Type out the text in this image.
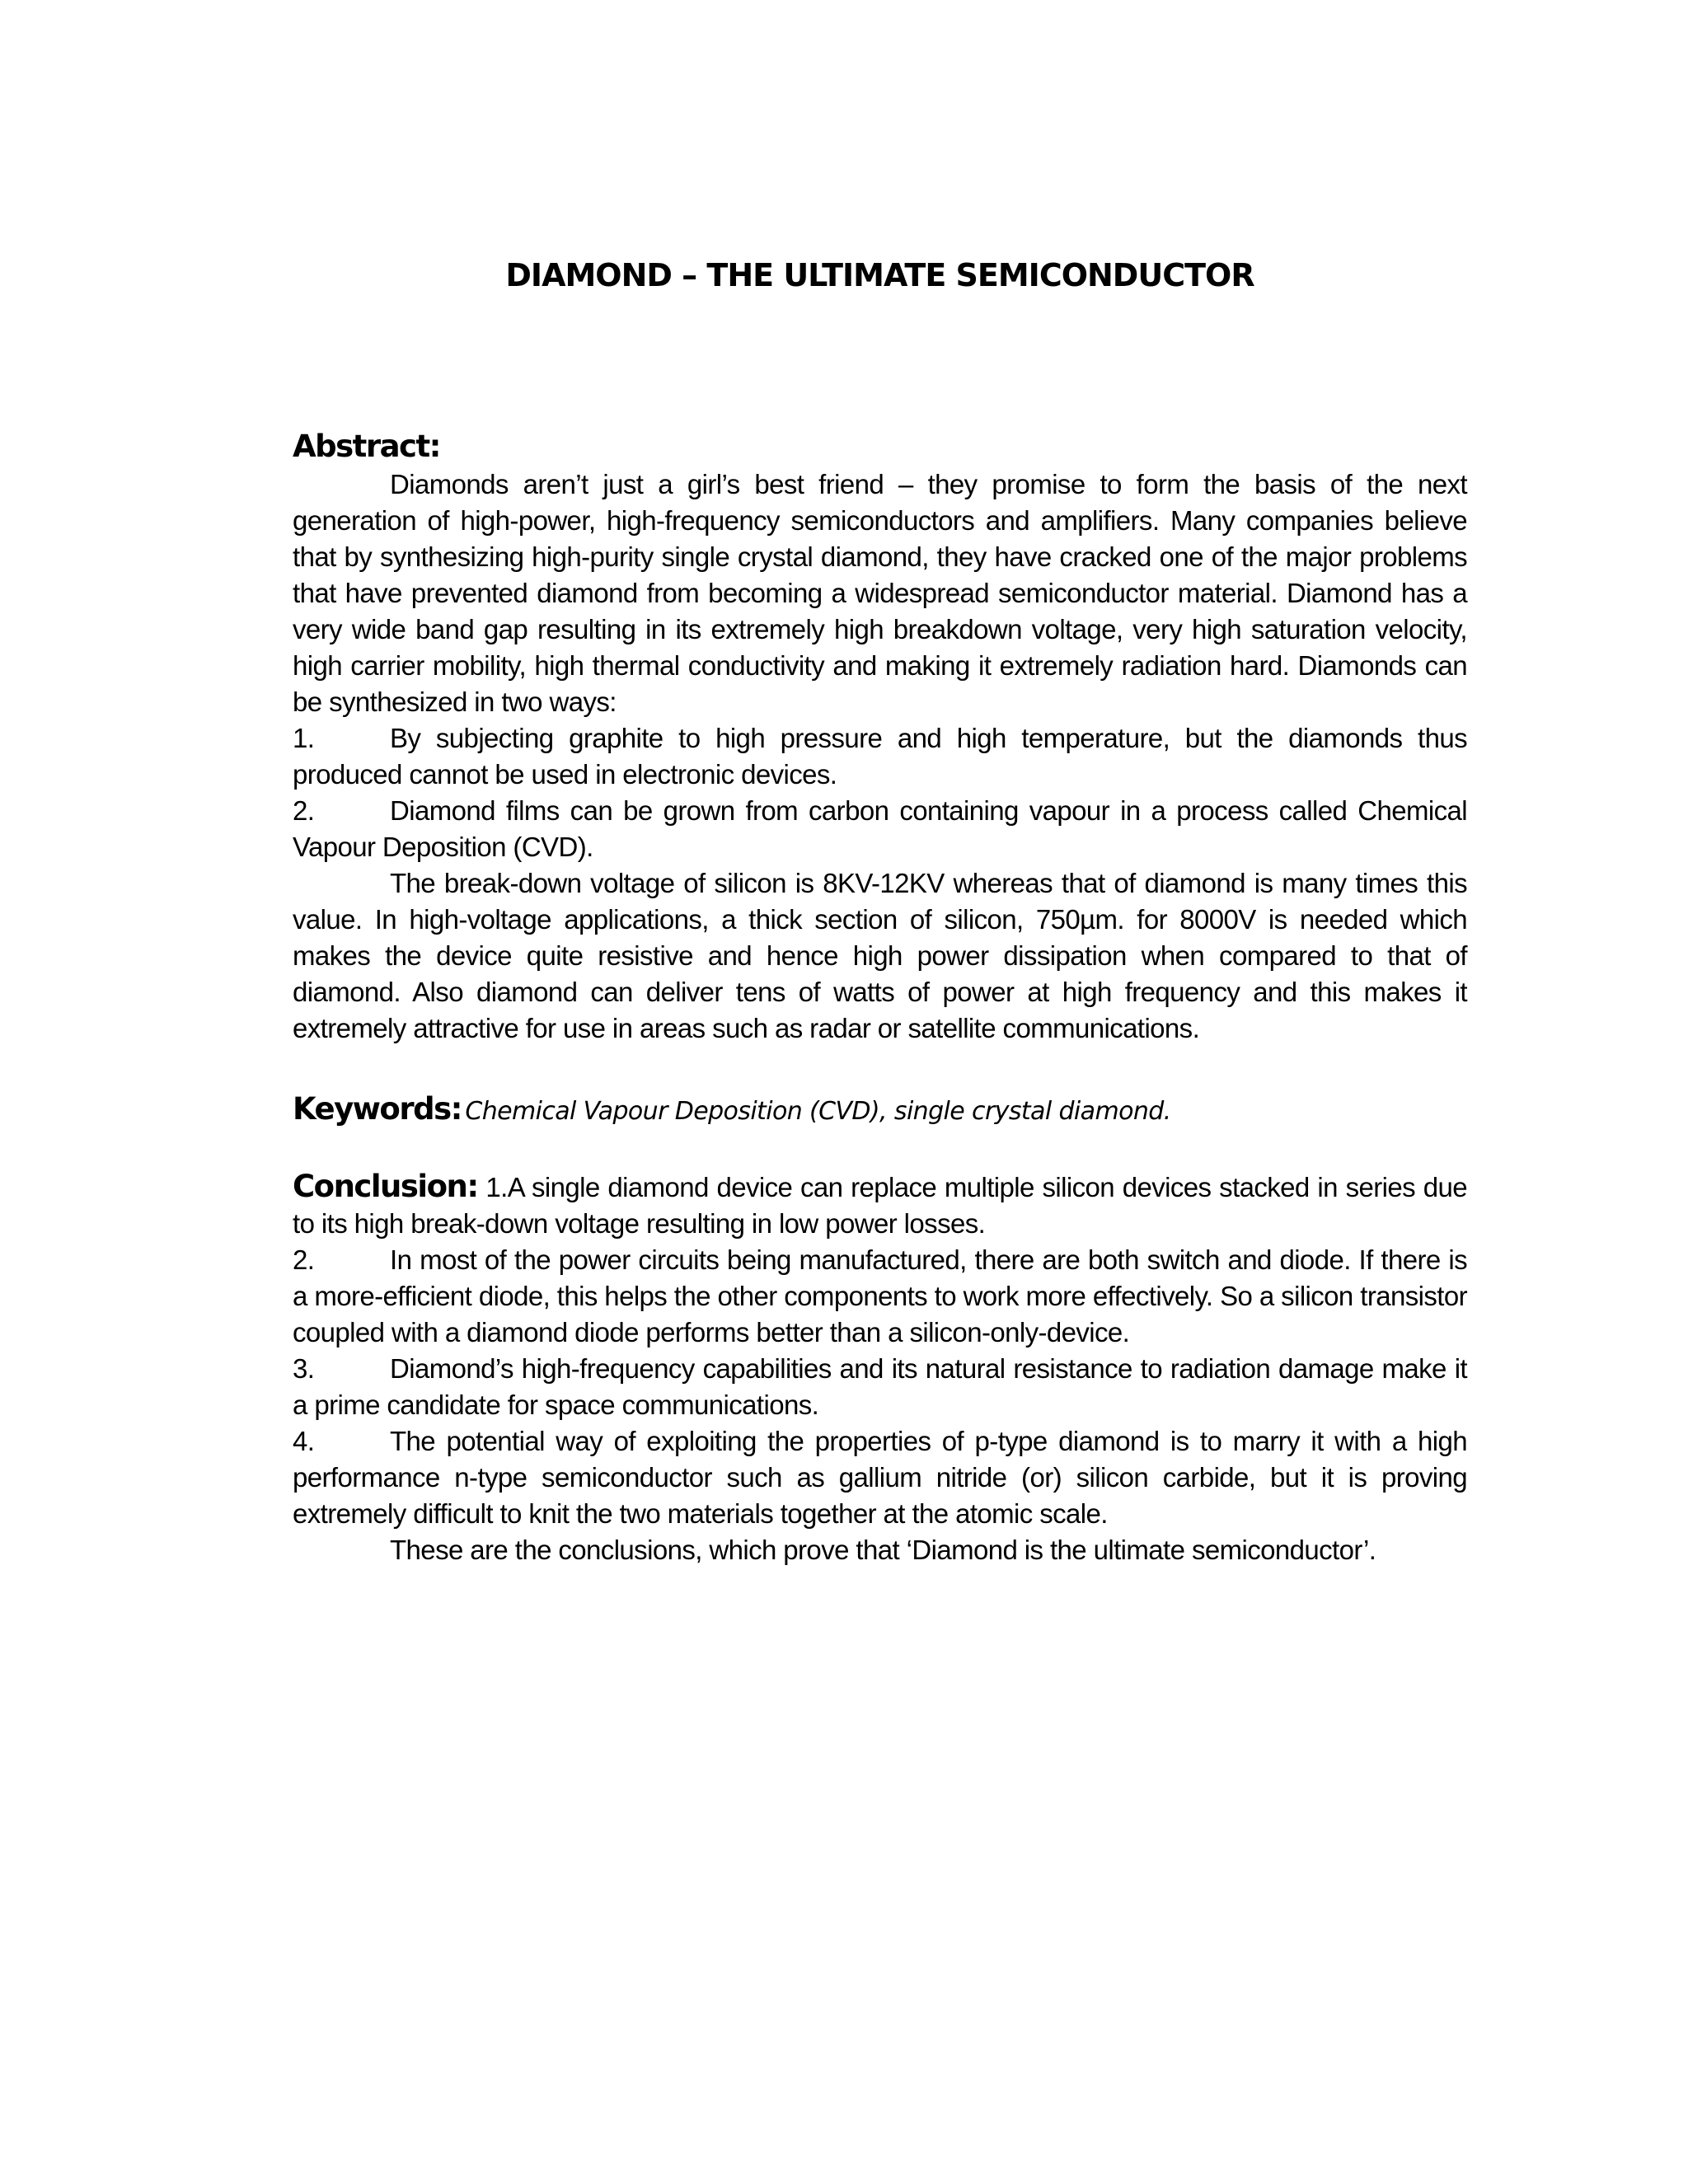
DIAMOND – THE ULTIMATE SEMICONDUCTOR
Abstract:

Diamonds aren’t just a girl’s best friend – they promise to form the basis of the next generation of high-power, high-frequency semiconductors and amplifiers. Many companies believe that by synthesizing high-purity single crystal diamond, they have cracked one of the major problems that have prevented diamond from becoming a widespread semiconductor material. Diamond has a very wide band gap resulting in its extremely high breakdown voltage, very high saturation velocity, high carrier mobility, high thermal conductivity and making it extremely radiation hard. Diamonds can be synthesized in two ways:

1.	By subjecting graphite to high pressure and high temperature, but the diamonds thus produced cannot be used in electronic devices.

2.	Diamond films can be grown from carbon containing vapour in a process called Chemical Vapour Deposition (CVD).

The break-down voltage of silicon is 8KV-12KV whereas that of diamond is many times this value. In high-voltage applications, a thick section of silicon, 750µm. for 8000V is needed which makes the device quite resistive and hence high power dissipation when compared to that of diamond. Also diamond can deliver tens of watts of power at high frequency and this makes it extremely attractive for use in areas such as radar or satellite communications.

Keywords: Chemical Vapour Deposition (CVD), single crystal diamond.

Conclusion: 1.A single diamond device can replace multiple silicon devices stacked in series due to its high break-down voltage resulting in low power losses.

2.	In most of the power circuits being manufactured, there are both switch and diode. If there is a more-efficient diode, this helps the other components to work more effectively. So a silicon transistor coupled with a diamond diode performs better than a silicon-only-device.

3.	Diamond’s high-frequency capabilities and its natural resistance to radiation damage make it a prime candidate for space communications.

4.	The potential way of exploiting the properties of p-type diamond is to marry it with a high performance n-type semiconductor such as gallium nitride (or) silicon carbide, but it is proving extremely difficult to knit the two materials together at the atomic scale.

These are the conclusions, which prove that ‘Diamond is the ultimate semiconductor’.
